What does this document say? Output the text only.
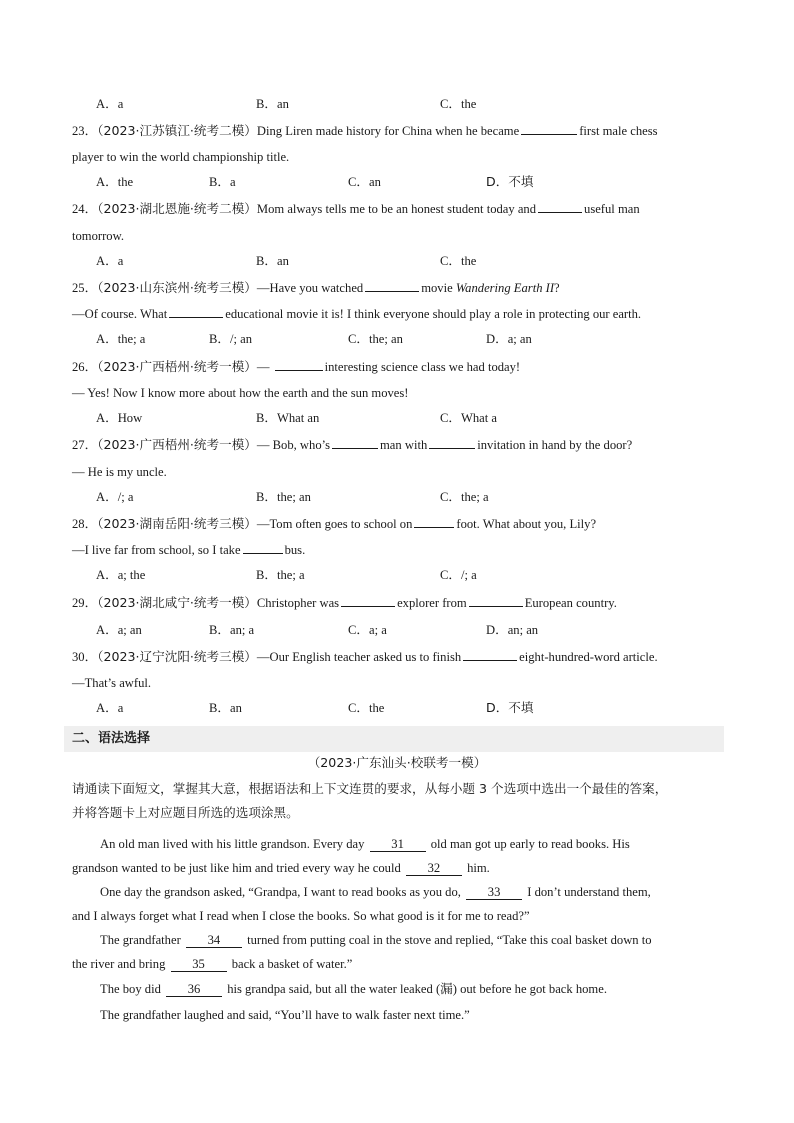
A．a	B．an	C．the
23．（2023·江苏镇江·统考二模）Ding Liren made history for China when he became	first male chess
player to win the world championship title.
A．the	B．a	C．an	D．不填
24．（2023·湖北恩施·统考二模）Mom always tells me to be an honest student today and	useful man
tomorrow.
A．a	B．an	C．the
25．（2023·山东滨州·统考三模）—Have you watched	movie Wandering Earth II?
—Of course. What	educational movie it is! I think everyone should play a role in protecting our earth.
A．the; a	B．/; an	C．the; an	D．a; an
26．（2023·广西梧州·统考一模）—	interesting science class we had today!
— Yes! Now I know more about how the earth and the sun moves!
A．How	B．What an	C．What a
27．（2023·广西梧州·统考一模）— Bob, who’s	man with	invitation in hand by the door?
— He is my uncle.
A．/; a	B．the; an	C．the; a
28．（2023·湖南岳阳·统考三模）—Tom often goes to school on	foot. What about you, Lily?
—I live far from school, so I take	bus.
A．a; the	B．the; a	C．/; a
29．（2023·湖北咸宁·统考一模）Christopher was	explorer from	European country.
A．a; an	B．an; a	C．a; a	D．an; an
30．（2023·辽宁沈阳·统考三模）—Our English teacher asked us to finish	eight-hundred-word article.
—That’s awful.
A．a	B．an	C．the	D．不填
二、语法选择
（2023·广东汕头·校联考一模）
请通读下面短文，掌握其大意，根据语法和上下文连贯的要求，从每小题 3 个选项中选出一个最佳的答案，
并将答题卡上对应题目所选的选项涂黑。
An old man lived with his little grandson. Every day 31 old man got up early to read books. His
grandson wanted to be just like him and tried every way he could 32 him.
One day the grandson asked, “Grandpa, I want to read books as you do, 33 I don’t understand them,
and I always forget what I read when I close the books. So what good is it for me to read?”
The grandfather 34 turned from putting coal in the stove and replied, “Take this coal basket down to
the river and bring 35 back a basket of water.”
The boy did 36 his grandpa said, but all the water leaked (漏) out before he got back home.
The grandfather laughed and said, “You’ll have to walk faster next time.”
